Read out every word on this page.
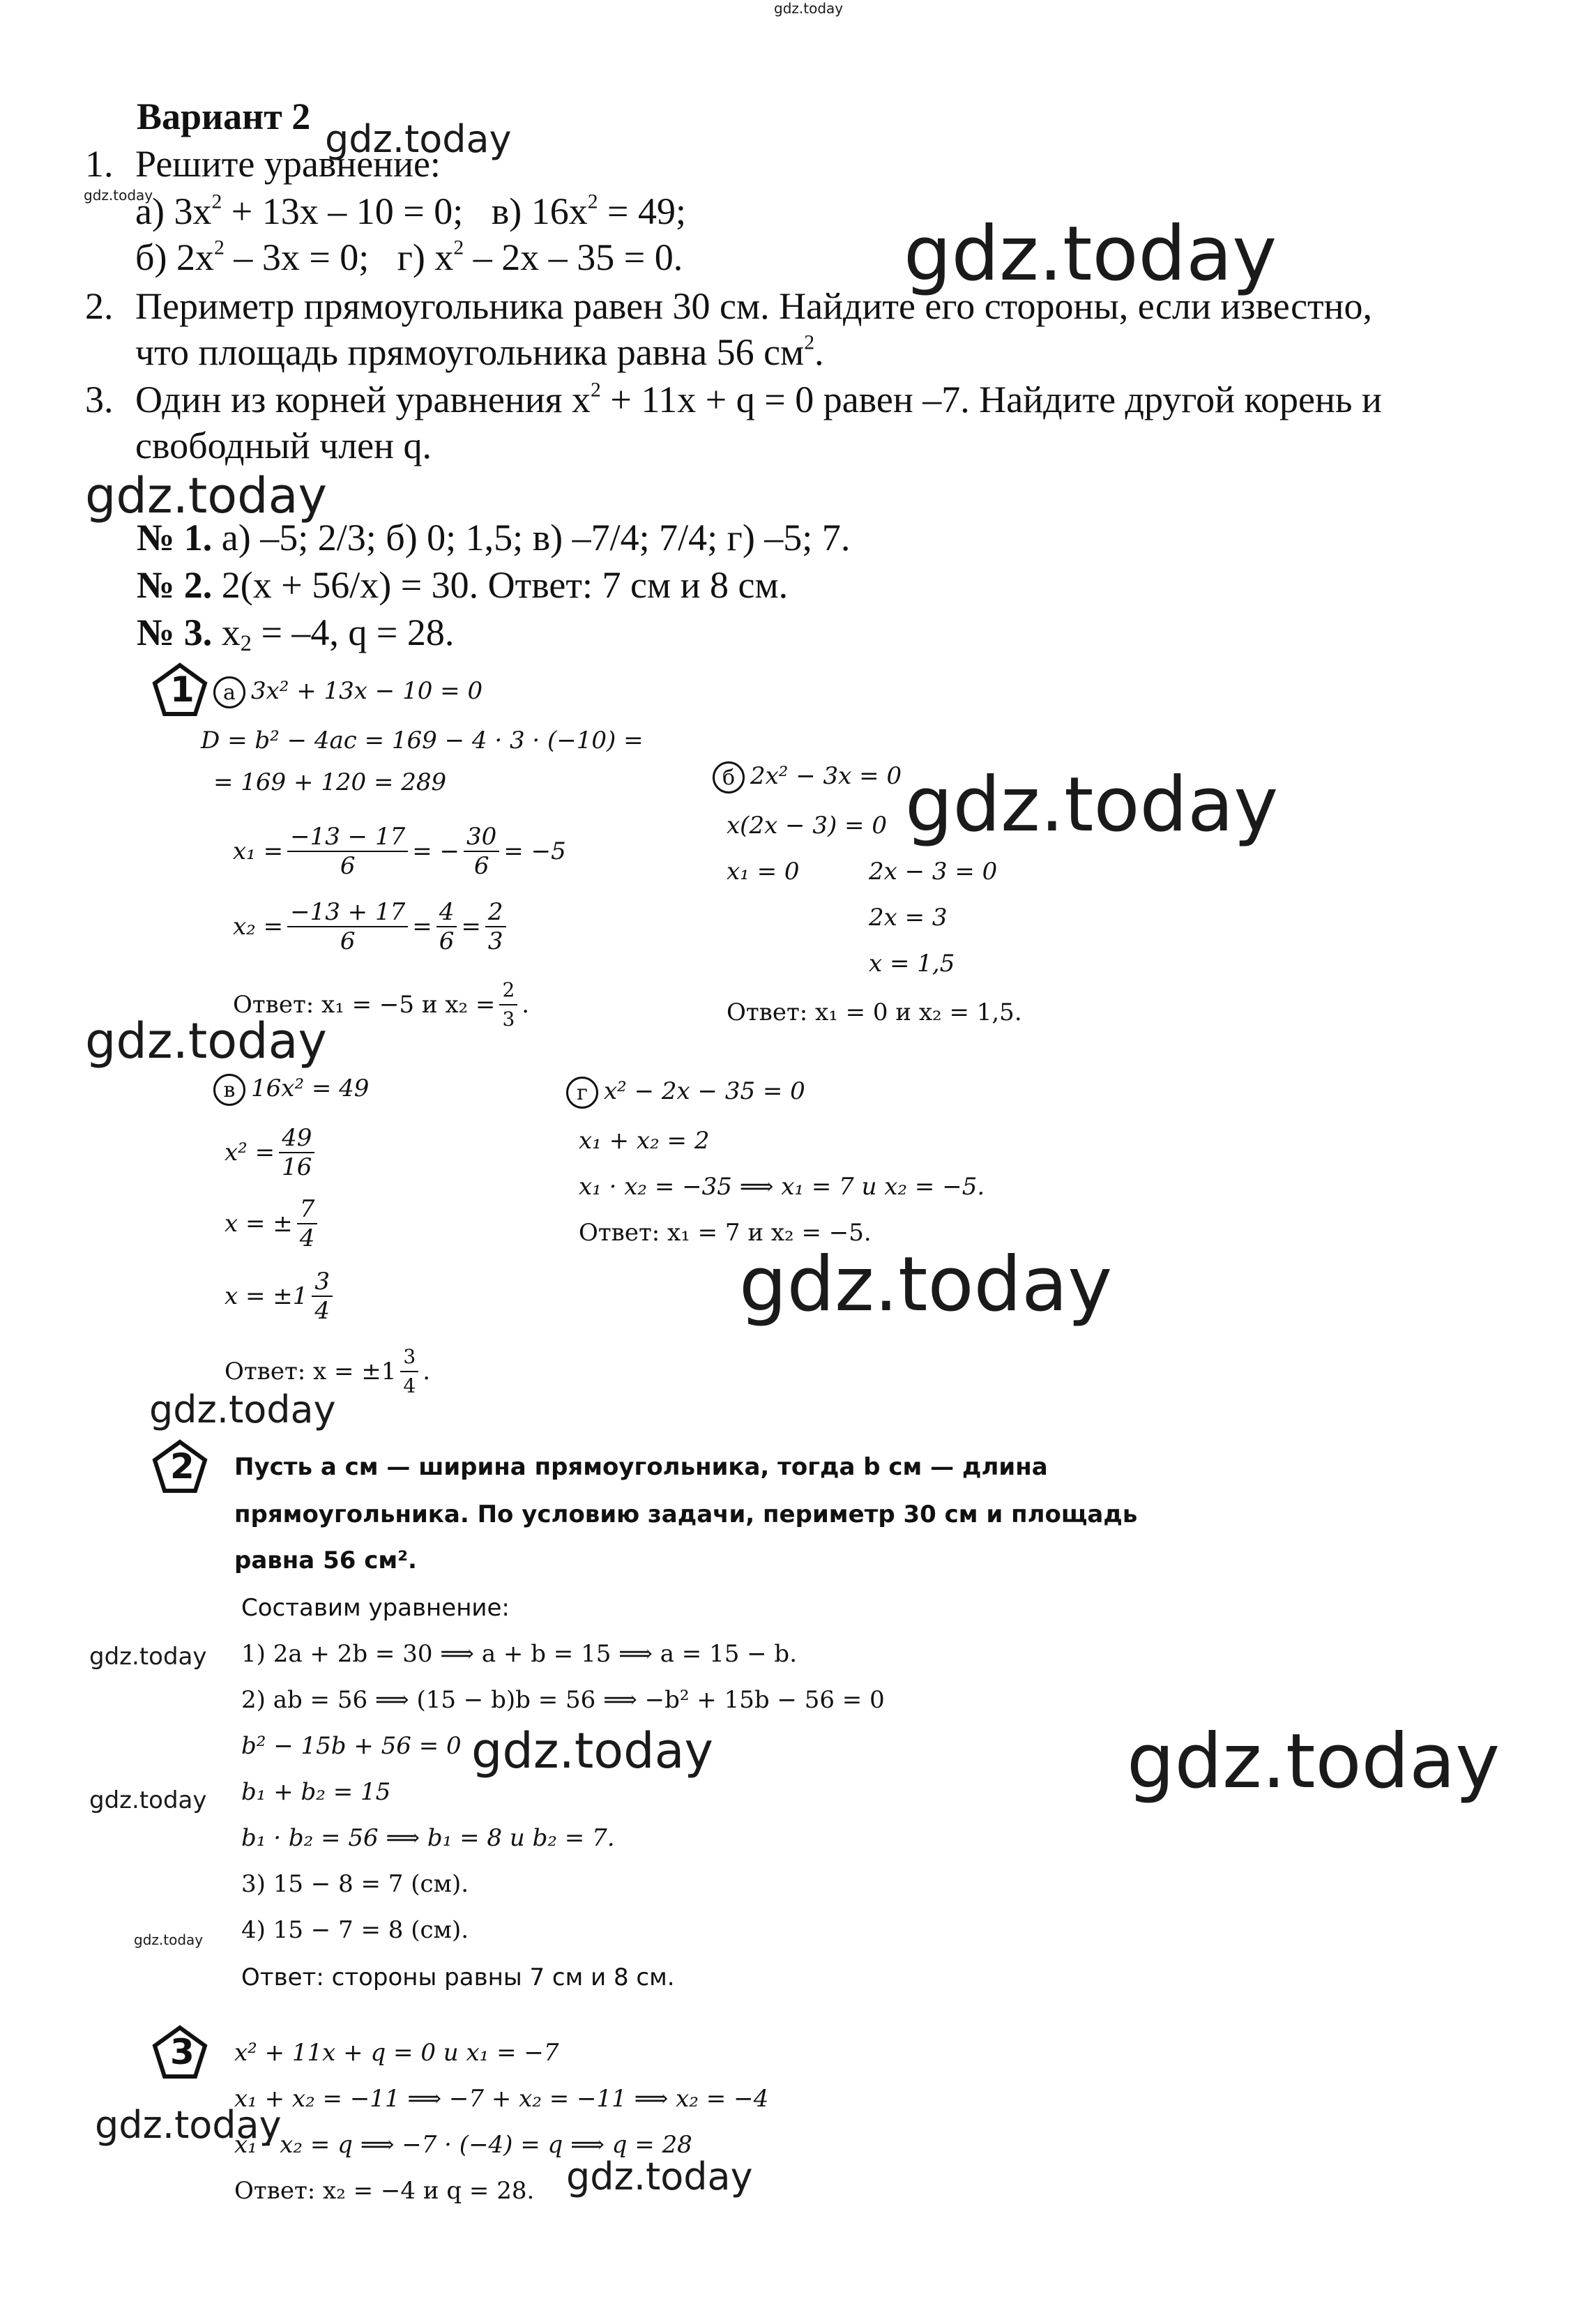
gdz.today
Вариант 2
gdz.today
1. Решите уравнение:
gdz.today
а) $3x^2 + 13x - 10 = 0$; в) $16x^2 = 49$;
б) $2x^2 - 3x = 0$; г) $x^2 - 2x - 35 = 0$.	gdz.today
2. Периметр прямоугольника равен 30 см. Найдите его стороны, если известно,
что площадь прямоугольника равна 56 $см^2$.
3. Один из корней уравнения $x^2 + 11x + q = 0$ равен –7. Найдите другой корень и
свободный член q.
gdz.today
№ 1. а) –5; 2/3; б) 0; 1,5; в) –7/4; 7/4; г) –5; 7.
№ 2. 2(x + 56/x) = 30. Ответ: 7 см и 8 см.
№ 3. $x_2 = -4$, q = 28.
1	а 3x² + 13x − 10 = 0
D = b² − 4ac = 169 − 4 · 3 · (−10) =
= 169 + 120 = 289
$x_1 = \frac{-13 - 17}{6}$ = − $\frac{30}{6} = -5$
$x_2 = \frac{-13 + 17}{6} = \frac{4}{6} = \frac{2}{3}$
Ответ: x₁ = −5 и $x_2 = \frac{2}{3}$ .
б 2x² − 3x = 0
x(2x − 3) = 0
x₁ = 0	2x − 3 = 0
2x = 3
x = 1,5
Ответ: x₁ = 0 и x₂ = 1,5.
gdz.today
gdz.today
в 16x² = 49
$x^2 = \frac{49}{16}$
x = ± $\frac{7}{4}$
$x = \pm 1 \frac{3}{4}$
Ответ: $x = \pm 1 \frac{3}{4}$ .
г x² − 2x − 35 = 0
x₁ + x₂ = 2
x₁ · x₂ = −35 ⟹ x₁ = 7 и x₂ = −5.
Ответ: x₁ = 7 и x₂ = −5.
gdz.today
gdz.today
2 Пусть a см — ширина прямоугольника, тогда b см — длина
прямоугольника. По условию задачи, периметр 30 см и площадь
равна 56 см².
Составим уравнение:
1) 2a + 2b = 30 ⟹ a + b = 15 ⟹ a = 15 − b.
2) ab = 56 ⟹ (15 − b)b = 56 ⟹ −b² + 15b − 56 = 0
b² − 15b + 56 = 0
b₁ + b₂ = 15
b₁ · b₂ = 56 ⟹ b₁ = 8 и b₂ = 7.
3) 15 − 8 = 7 (см).
4) 15 − 7 = 8 (см).
Ответ: стороны равны 7 см и 8 см.
gdz.today
gdz.today	gdz.today
gdz.today
gdz.today
3 x² + 11x + q = 0 и x₁ = −7
x₁ + x₂ = −11 ⟹ −7 + x₂ = −11 ⟹ x₂ = −4
x₁ · x₂ = q ⟹ −7 · (−4) = q ⟹ q = 28
Ответ: x₂ = −4 и q = 28.
gdz.today
gdz.today
